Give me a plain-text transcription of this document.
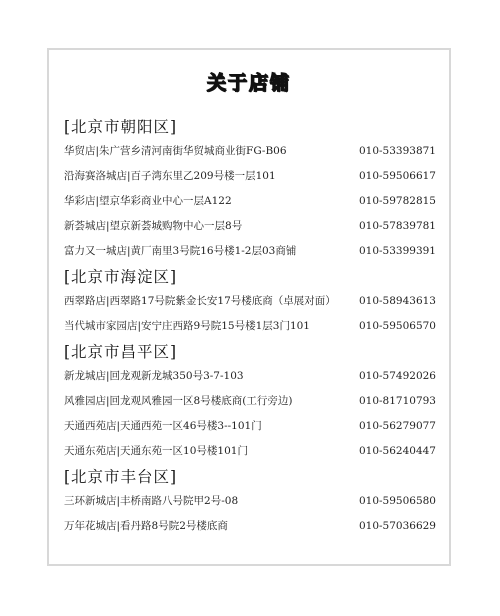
关于店铺
[北京市朝阳区]
华贸店|朱广营乡清河南街华贸城商业街FG-B06	010-53393871
沿海赛洛城店|百子湾东里乙209号楼一层101	010-59506617
华彩店|望京华彩商业中心一层A122	010-59782815
新荟城店|望京新荟城购物中心一层8号	010-57839781
富力又一城店|黄厂南里3号院16号楼1-2层03商铺	010-53399391
[北京市海淀区]
西翠路店|西翠路17号院紫金长安17号楼底商（卓展对面） 010-58943613
当代城市家园店|安宁庄西路9号院15号楼1层3门101	010-59506570
[北京市昌平区]
新龙城店|回龙观新龙城350号3-7-103	010-57492026
风雅园店|回龙观风雅园一区8号楼底商(工行旁边)	010-81710793
天通西苑店|天通西苑一区46号楼3--101门	010-56279077
天通东苑店|天通东苑一区10号楼101门	010-56240447
[北京市丰台区]
三环新城店|丰桥南路八号院甲2号-08	010-59506580
万年花城店|看丹路8号院2号楼底商	010-57036629
